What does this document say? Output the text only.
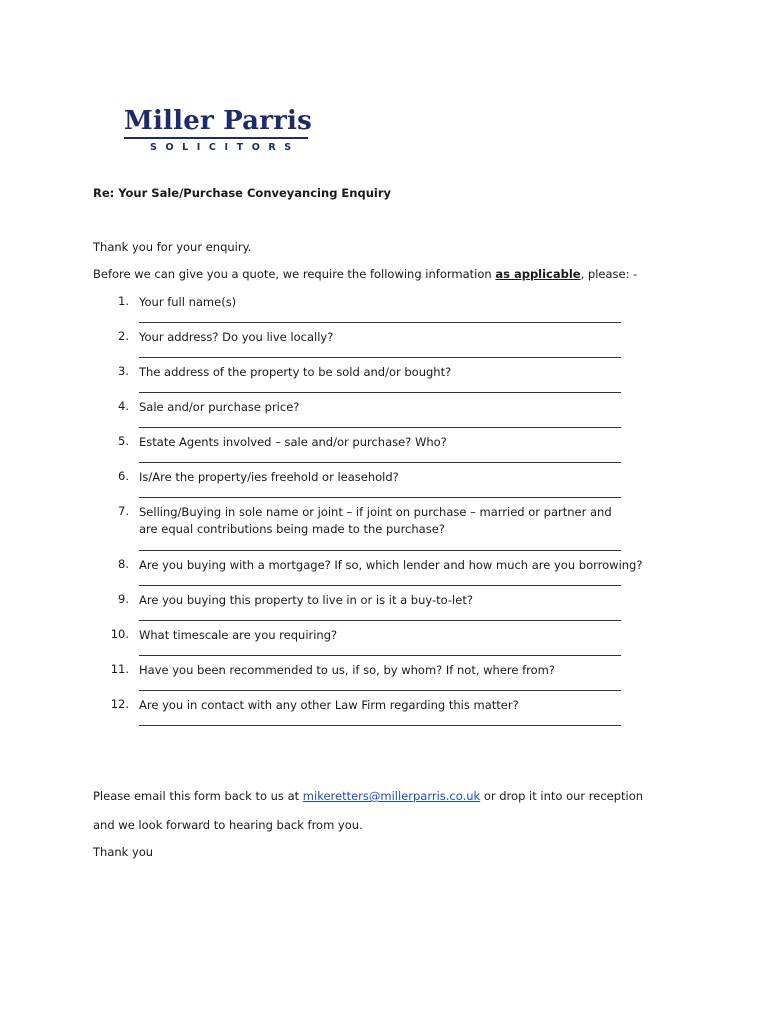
Miller Parris
SOLICITORS
Re: Your Sale/Purchase Conveyancing Enquiry
Thank you for your enquiry.
Before we can give you a quote, we require the following information as applicable, please: -
1. Your full name(s)
2. Your address? Do you live locally?
3. The address of the property to be sold and/or bought?
4. Sale and/or purchase price?
5. Estate Agents involved – sale and/or purchase? Who?
6. Is/Are the property/ies freehold or leasehold?
7. Selling/Buying in sole name or joint – if joint on purchase – married or partner and
are equal contributions being made to the purchase?
8. Are you buying with a mortgage? If so, which lender and how much are you borrowing?
9. Are you buying this property to live in or is it a buy-to-let?
10. What timescale are you requiring?
11. Have you been recommended to us, if so, by whom? If not, where from?
12. Are you in contact with any other Law Firm regarding this matter?
Please email this form back to us at mikeretters@millerparris.co.uk or drop it into our reception
and we look forward to hearing back from you.
Thank you
